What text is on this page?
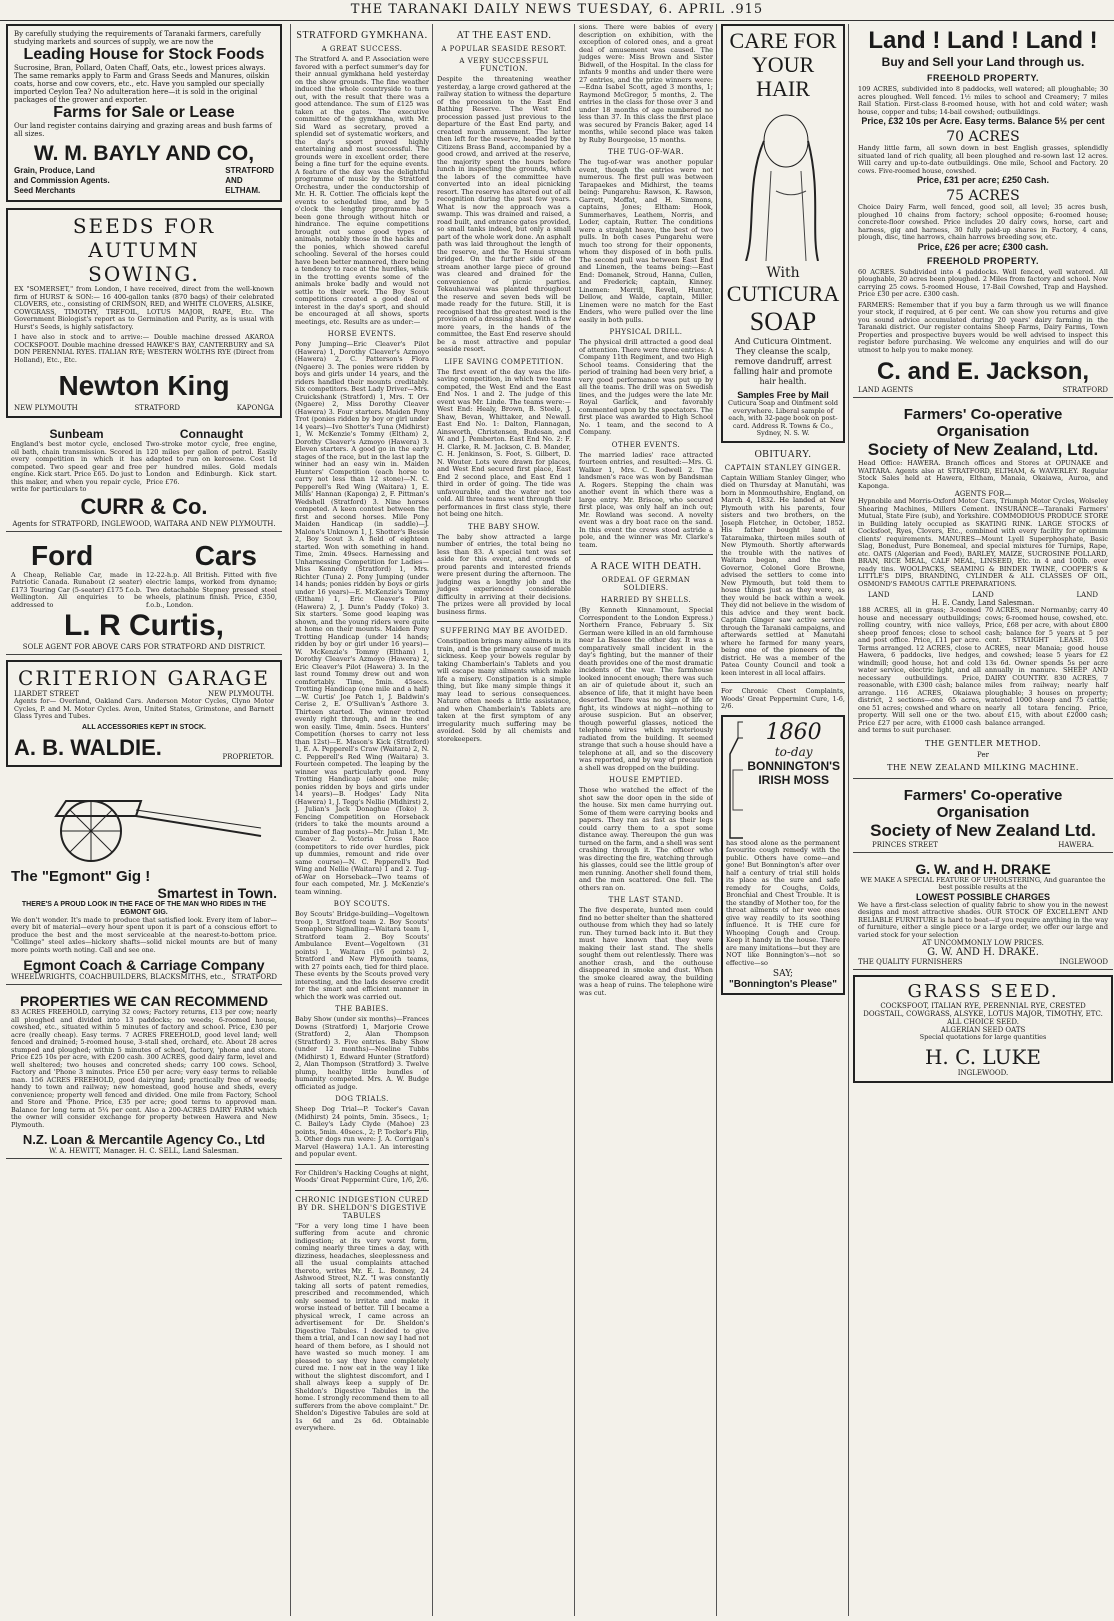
THE TARANAKI DAILY NEWS TUESDAY, 6. APRIL .915
By carefully studying the requirements of Taranaki farmers, carefully studying markets and sources of supply, we are now the
Leading House for Stock Foods
Sucrosine, Bran, Pollard, Oaten Chaff, Oats, etc., lowest prices always. The same remarks apply to Farm and Grass Seeds and Manures, oilskin coats, horse and cow covers, etc., etc. Have you sampled our specially imported Ceylon Tea? No adulteration here—it is sold in the original packages of the grower and exporter.
Farms for Sale or Lease
Our land register contains dairying and grazing areas and bush farms of all sizes.
W. M. BAYLY AND CO,
Grain, Produce, Land
and Commission Agents.
Seed Merchants
STRATFORD
AND
ELTHAM.
SEEDS FOR AUTUMN
SOWING.
EX "SOMERSET," from London, I have received, direct from the well-known firm of HURST & SON:— 16 400-gallon tanks (870 bags) of their celebrated CLOVERS, etc., consisting of CRIMSON, RED, and WHITE CLOVERS, ALSIKE, COWGRASS, TIMOTHY, TREFOIL, LOTUS MAJOR, RAPE, Etc. The Government Biologist's report as to Germination and Purity, as is usual with Hurst's Seeds, is highly satisfactory.
I have also in stock and to arrive:— Double machine dressed AKAROA COCKSFOOT. Double machine dressed HAWKE'S BAY, CANTERBURY and SA DON PERENNIAL RYES. ITALIAN RYE; WESTERN WOLTHS RYE (Direct from Holland), Etc., Etc.
Newton King
NEW PLYMOUTH	STRATFORD	KAPONGA
Sunbeam
England's best motor cycle, enclosed oil bath, chain transmission. Scored in every competition in which it has competed. Two speed gear and free engine. Kick start. Price £65. Do just to this maker, and when you repair cycle, write for particulars to
Connaught
Two-stroke motor cycle, free engine, 120 miles per gallon of petrol. Easily adapted to run on kerosene. Cost 1d per hundred miles. Gold medals London and Edinburgh. Kick start. Price £76.
CURR & Co.
Agents for STRATFORD, INGLEWOOD, WAITARA AND NEW PLYMOUTH.
Ford	Cars
A Cheap, Reliable Car, made in Patriotic Canada. Runabout (2 seater) £173 Touring Car (5-seater) £175 f.o.b. Wellington. All enquiries to be addressed to
12-22-h.p. All British. Fitted with five electric lamps, worked from dynamo; Two detachable Stepney pressed steel wheels, platinum finish. Price, £350, f.o.b., London.
L. R Curtis,
SOLE AGENT FOR ABOVE CARS FOR STRATFORD AND DISTRICT.
CRITERION GARAGE
LIARDET STREET	NEW PLYMOUTH.
Agents for— Overland, Oakland Cars. Anderson Motor Cycles, Clyno Motor Cycles, P. and M. Motor Cycles. Avon, United States, Grimstone, and Barnett Glass Tyres and Tubes.
ALL ACCESSORIES KEPT IN STOCK.
A. B. WALDIE.	PROPRIETOR.
The "Egmont" Gig !
Smartest in Town.
THERE'S A PROUD LOOK IN THE FACE OF THE MAN WHO RIDES IN THE EGMONT GIG.
We don't wonder. It's made to produce that satisfied look. Every item of labor—every bit of material—every hour spent upon it is part of a conscious effort to produce the best and the most serviceable at the nearest-to-bottom price. "Collinge" steel axles—hickory shafts—solid nickel mounts are but of many more points worth noting. Call and see one.
Egmont Coach & Carriage Company
WHEELWRIGHTS, COACHBUILDERS, BLACKSMITHS, etc., STRATFORD
PROPERTIES WE CAN RECOMMEND
83 ACRES FREEHOLD, carrying 32 cows; Factory returns, £13 per cow; nearly all ploughed and divided into 13 paddocks; no weeds; 6-roomed house, cowshed, etc., situated within 5 minutes of factory and school. Price, £30 per acre (really cheap). Easy terms. 7 ACRES FREEHOLD, good level land; well fenced and drained; 5-roomed house, 3-stall shed, orchard, etc. About 28 acres stumped and ploughed; within 5 minutes of school, factory, 'phone and store. Price £25 10s per acre, with £200 cash. 300 ACRES, good dairy farm, level and well sheltered; two houses and concreted sheds; carry 100 cows. School, Factory and 'Phone 3 minutes. Price £50 per acre; very easy terms to reliable man. 156 ACRES FREEHOLD, good dairying land; practically free of weeds; handy to town and railway; new homestead, good house and sheds, every convenience; property well fenced and divided. One mile from Factory, School and Store and 'Phone. Price, £35 per acre; good terms to approved man. Balance for long term at 5¼ per cent. Also a 200-ACRES DAIRY FARM which the owner will consider exchange for property between Hawera and New Plymouth.
N.Z. Loan & Mercantile Agency Co., Ltd
W. A. HEWITT, Manager. H. C. SELL, Land Salesman.
STRATFORD GYMKHANA.
A GREAT SUCCESS.
The Stratford A. and P. Association were favored with a perfect summer's day for their annual gymkhana held yesterday on the show grounds. The fine weather induced the whole countryside to turn out, with the result that there was a good attendance. The sum of £125 was taken at the gates. The executive committee of the gymkhana, with Mr. Sid Ward as secretary, proved a splendid set of systematic workers, and the day's sport proved highly entertaining and most successful. The grounds were in excellent order, there being a fine turf for the equine events. A feature of the day was the delightful programme of music by the Stratford Orchestra, under the conductorship of Mr. H. R. Cottier. The officials kept the events to scheduled time, and by 5 o'clock the lengthy programme had been gone through without hitch or hindrance. The equine competitions brought out some good types of animals, notably those in the hacks and the ponies, which showed careful schooling. Several of the horses could have been better mannered, there being a tendency to race at the hurdles, while in the trotting events some of the animals broke badly and would not settle to their work. The Boy Scout competitions created a good deal of interest in the day's sport, and should be encouraged at all shows, sports meetings, etc. Results are as under:—
HORSE EVENTS.
Pony Jumping—Eric Cleaver's Pilot (Hawera) 1, Dorothy Cleaver's Azmoyo (Hawera) 2, C. Patterson's Flora (Ngaere) 3. The ponies were ridden by boys and girls under 14 years, and the riders handled their mounts creditably. Six competitors. Best Lady Driver—Mrs. Cruickshank (Stratford) 1, Mrs. T. Orr (Ngaere) 2, Miss Dorothy Cleaver (Hawera) 3. Four starters. Maiden Pony Trot (ponies ridden by boy or girl under 14 years)—Ivo Shotter's Tuna (Midhirst) 1, W. McKenzie's Tommy (Eltham) 2, Dorothy Cleaver's Azmoyo (Hawera) 3. Eleven starters. A good go in the early stages of the race, but in the last lap the winner had an easy win in. Maiden Hunters' Competition (each horse to carry not less than 12 stone)—N. C. Pepperell's Red Wing (Waitara) 1, E. Mills' Hannan (Kaponga) 2, F. Pittman's Wedshell (Stratford) 3. Nine horses competed. A keen contest between the first and second horses. Mile Pony Maiden Handicap (in saddle)—J. Malone's Unknown 1, J. Shotter's Bessie 2, Boy Scout 3. A field of eighteen started. Won with something in hand. Time, 2min. 49secs. Harnessing and Unharnessing Competition for Ladies—Miss Kennedy (Stratford) 1, Mrs. Richter (Tuna) 2. Pony Jumping (under 14 hands; ponies ridden by boys or girls under 16 years)—E. McKenzie's Tommy (Eltham) 1, Eric Cleaver's Pilot (Hawera) 2, J. Dunn's Paddy (Toko) 3. Six starters. Some good leaping was shown, and the young riders were quite at home on their mounts. Maiden Pony Trotting Handicap (under 14 hands; ridden by boy or girl under 16 years)—W. McKenzie's Tommy (Eltham) 1, Dorothy Cleaver's Azmoyo (Hawera) 2, Eric Cleaver's Pilot (Hawera) 3. In the last round Tommy drew out and won comfortably. Time, 5min. 45secs. Trotting Handicap (one mile and a half)—W. Curtis' Joe Patch 1, J. Baldwin's Cerise 2, E. O'Sullivan's Asthore 3. Thirteen started. The winner trotted evenly right through, and in the end won easily. Time, 4min. 5secs. Hunters' Competition (horses to carry not less than 12st)—E. Mason's Kick (Stratford) 1, E. A. Pepperell's Craw (Waitara) 2, N. C. Pepperell's Red Wing (Waitara) 3. Fourteen competed. The leaping by the winner was particularly good. Pony Trotting Handicap (about one mile; ponies ridden by boys and girls under 14 years)—B. Hodges' Lady Nita (Hawera) 1, J. Tegg's Nellie (Midhirst) 2, J. Julian's Jack Donaghue (Toko) 3. Fencing Competition on Horseback (riders to take the mounts around a number of flag posts)—Mr. Julian 1, Mr. Cleaver 2. Victoria Cross Race (competitors to ride over hurdles, pick up dummies, remount and ride over same course)—N. C. Pepperell's Red Wing and Nellie (Waitara) 1 and 2. Tug-of-War on Horseback—Two teams of four each competed, Mr. J. McKenzie's team winning.
BOY SCOUTS.
Boy Scouts' Bridge-building—Vogeltown troop 1, Stratford team 2. Boy Scouts' Semaphore Signalling—Waitara team 1, Stratford team 2. Boy Scouts' Ambulance Event—Vogeltown (31 points) 1, Waitara (16 points) 2, Stratford and New Plymouth teams, with 27 points each, tied for third place. These events by the Scouts proved very interesting, and the lads deserve credit for the smart and efficient manner in which the work was carried out.
THE BABIES.
Baby Show (under six months)—Frances Downs (Stratford) 1, Marjorie Crowe (Stratford) 2, Alan Thompson (Stratford) 3. Five entries. Baby Show (under 12 months)—Noeline Tubbs (Midhirst) 1, Edward Hunter (Stratford) 2, Alan Thompson (Stratford) 3. Twelve plump, healthy little bundles of humanity competed. Mrs. A. W. Budge officiated as judge.
DOG TRIALS.
Sheep Dog Trial—P. Tocker's Cavan (Midhirst) 24 points, 5min. 35secs., 1; C. Bailey's Lady Clyde (Mahoe) 23 points, 5min. 40secs., 2; P. Tocker's Flip, 3. Other dogs run were: J. A. Corrigan's Marvel (Hawera) 1.A.1. An interesting and popular event.
For Children's Hacking Coughs at night, Woods' Great Peppermint Cure, 1/6, 2/6.
CHRONIC INDIGESTION CURED BY DR. SHELDON'S DIGESTIVE TABULES
"For a very long time I have been suffering from acute and chronic indigestion; at its very worst form, coming nearly three times a day, with dizziness, headaches, sleeplessness and all the usual complaints attached thereto, writes Mr. E. L. Bonney, 24 Ashwood Street, N.Z. "I was constantly taking all sorts of patent remedies, prescribed and recommended, which only seemed to irritate and make it worse instead of better. Till I became a physical wreck, I came across an advertisement for Dr. Sheldon's Digestive Tabules. I decided to give them a trial, and I can now say I had not heard of them before, as I should not have wasted so much money. I am pleased to say they have completely cured me. I now eat in the way I like without the slightest discomfort, and I shall always keep a supply of Dr. Sheldon's Digestive Tabules in the home. I strongly recommend them to all sufferers from the above complaint." Dr. Sheldon's Digestive Tabules are sold at 1s 6d and 2s 6d. Obtainable everywhere.
AT THE EAST END.
A POPULAR SEASIDE RESORT.
A VERY SUCCESSFUL FUNCTION.
Despite the threatening weather yesterday, a large crowd gathered at the railway station to witness the departure of the procession to the East End Bathing Reserve. The West End procession passed just previous to the departure of the East End party, and created much amusement. The latter then left for the reserve, headed by the Citizens Brass Band, accompanied by a good crowd, and arrived at the reserve, the majority spent the hours before lunch in inspecting the grounds, which the labors of the committee have converted into an ideal picnicking resort. The reserve has altered out of all recognition during the past few years. What is now the approach was a swamp. This was drained and raised, a road built, and entrance gates provided, so small tanks indeed, but only a small part of the whole work done. An asphalt path was laid throughout the length of the reserve, and the Te Henui stream bridged. On the further side of the stream another large piece of ground was cleared and drained for the convenience of picnic parties. Tekauhauwai was planted throughout the reserve and seven beds will be made ready for the future. Still, it is recognised that the greatest need is the provision of a dressing shed. With a few more years, in the hands of the committee, the East End reserve should be a most attractive and popular seaside resort.
LIFE SAVING COMPETITION.
The first event of the day was the life-saving competition, in which two teams competed, the West End and the East End Nos. 1 and 2. The judge of this event was Mr. Linde. The teams were:—West End: Healy, Brown, B. Steele, J. Shaw, Bevan, Whittaker, and Newall. East End No. 1: Dalton, Flannagan, Ainsworth, Christensen, Budesan, and W. and J. Pemberton. East End No. 2: F. H. Clarke, R. M. Jackson, C. B. Mander, C. H. Jenkinson, S. Foot, S. Gilbert, D. N. Wouter. Lots were drawn for places, and West End secured first place, East End 2 second place, and East End 1 third in order of going. The tide was unfavourable, and the water not too cold. All three teams went through their performances in first class style, there not being one hitch.
THE BABY SHOW.
The baby show attracted a large number of entries, the total being no less than 83. A special tent was set aside for this event, and crowds of proud parents and interested friends were present during the afternoon. The judging was a lengthy job and the judges experienced considerable difficulty in arriving at their decisions. The prizes were all provided by local business firms.
SUFFERING MAY BE AVOIDED.
Constipation brings many ailments in its train, and is the primary cause of much sickness. Keep your bowels regular by taking Chamberlain's Tablets and you will escape many ailments which make life a misery. Constipation is a simple thing, but like many simple things it may lead to serious consequences. Nature often needs a little assistance, and when Chamberlain's Tablets are taken at the first symptom of any irregularity much suffering may be avoided. Sold by all chemists and storekeepers.
sions. There were babies of every description on exhibition, with the exception of colored ones, and a great deal of amusement was caused. The judges were: Miss Brown and Sister Bidwell, of the Hospital. In the class for infants 9 months and under there were 27 entries, and the prize winners were:—Edna Isabel Scott, aged 3 months, 1; Raymond McGregor, 5 months, 2. The entries in the class for those over 3 and under 18 months of age numbered no less than 37. In this class the first place was secured by Francis Baker, aged 14 months, while second place was taken by Ruby Bourgeoise, 15 months.
THE TUG-OF-WAR.
The tug-of-war was another popular event, though the entries were not numerous. The first pull was between Tarapaekes and Midhirst, the teams being: Pungarehu: Rawson, K. Rawson, Garrett, Moffat, and H. Simmons, captains, Jones; Eltham: Hook, Summerhaves, Leathem, Norris, and Loder, captain, Rutter. The conditions were a straight heave, the best of two pulls. In both cases Pungarehu were much too strong for their opponents, whom they disposed of in both pulls. The second pull was between East End and Linemen, the teams being:—East End: Domanek, Stroud, Hanna, Cullen, and Frederick; captain, Kinney. Linemen: Merrill, Revell, Hunter, Dellow, and Walde, captain, Miller. Linemen were no match for the East Enders, who were pulled over the line easily in both pulls.
PHYSICAL DRILL.
The physical drill attracted a good deal of attention. There were three entries: A Company 11th Regiment, and two High School teams. Considering that the period of training had been very brief, a very good performance was put up by all the teams. The drill was on Swedish lines, and the judges were the late Mr. Royal Garlick, and favorably commented upon by the spectators. The first place was awarded to High School No. 1 team, and the second to A Company.
OTHER EVENTS.
The married ladies' race attracted fourteen entries, and resulted:—Mrs. G. Walker 1, Mrs. C. Rodwell 2. The landsmen's race was won by Bandsman A. Rogers. Stepping the chain was another event in which there was a large entry. Mr. Briscoe, who secured first place, was only half an inch out; Mr. Rowland was second. A novelty event was a dry boat race on the sand. In this event the crews stood astride a pole, and the winner was Mr. Clarke's team.
A RACE WITH DEATH.
ORDEAL OF GERMAN SOLDIERS.
HARRIED BY SHELLS.
(By Kenneth Kinnamount, Special Correspondent to the London Express.) Northern France, February 5. Six German were killed in an old farmhouse near La Bassee the other day. It was a comparatively small incident in the day's fighting, but the manner of their death provides one of the most dramatic incidents of the war. The farmhouse looked innocent enough; there was such an air of quietude about it, such an absence of life, that it might have been deserted. There was no sign of life or fight, its windows at night—nothing to arouse suspicion. But an observer, though powerful glasses, noticed the telephone wires which mysteriously radiated from the building. It seemed strange that such a house should have a telephone at all, and so the discovery was reported, and by way of precaution a shell was dropped on the building.
HOUSE EMPTIED.
Those who watched the effect of the shot saw the door open in the side of the house. Six men came hurrying out. Some of them were carrying books and papers. They ran as fast as their legs could carry them to a spot some distance away. Thereupon the gun was turned on the farm, and a shell was sent crashing through it. The officer who was directing the fire, watching through his glasses, could see the little group of men running. Another shell found them, and the men scattered. One fell. The others ran on.
THE LAST STAND.
The five desperate, hunted men could find no better shelter than the shattered outhouse from which they had so lately run. They turned back into it. But they must have known that they were making their last stand. The shells sought them out relentlessly. There was another crash, and the outhouse disappeared in smoke and dust. When the smoke cleared away, the building was a heap of ruins. The telephone wire was cut.
CARE FOR
YOUR HAIR
With
CUTICURA
SOAP
And Cuticura Ointment. They cleanse the scalp, remove dandruff, arrest falling hair and promote hair health.
Samples Free by Mail
Cuticura Soap and Ointment sold everywhere. Liberal sample of each, with 32-page book on post-card. Address R. Towns & Co., Sydney, N. S. W.
OBITUARY.
CAPTAIN STANLEY GINGER.
Captain William Stanley Ginger, who died on Thursday at Manutahi, was born in Monmouthshire, England, on March 4, 1832. He landed at New Plymouth with his parents, four sisters and two brothers, on the Joseph Fletcher, in October, 1852. His father bought land at Tataraimaka, thirteen miles south of New Plymouth. Shortly afterwards the trouble with the natives of Waitara began, and the then Governor, Colonel Gore Browne, advised the settlers to come into New Plymouth, but told them to house things just as they were, as they would be back within a week. They did not believe in the wisdom of this advice and they went back. Captain Ginger saw active service through the Taranaki campaigns, and afterwards settled at Manutahi where he farmed for many years, being one of the pioneers of the district. He was a member of the Patea County Council and took a keen interest in all local affairs.
For Chronic Chest Complaints, Woods' Great Peppermint Cure, 1-6, 2/6.
1860
to-day
BONNINGTON'S
IRISH MOSS
has stood alone as the permanent favourite cough remedy with the public. Others have come—and gone! But Bonnington's after over half a century of trial still holds its place as the sure and safe remedy for Coughs, Colds, Bronchial and Chest Trouble. It is the standby of Mother too, for the throat ailments of her wee ones give way readily to its soothing influence. It is THE cure for Whooping Cough and Croup. Keep it handy in the house. There are many imitations—but they are NOT like Bonnington's—not so effective—so
SAY;
"Bonnington's Please"
Land ! Land ! Land !
Buy and Sell your Land through us.
FREEHOLD PROPERTY.
109 ACRES, subdivided into 8 paddocks, well watered; all ploughable; 30 acres ploughed. Well fenced. 1½ miles to school and Creamery; 7 miles Rail Station. First-class 8-roomed house, with hot and cold water; wash house, copper and tubs; 14-bail cowshed; outbuildings.
Price, £32 10s per Acre. Easy terms. Balance 5½ per cent
70 ACRES
Handy little farm, all sown down in best English grasses, splendidly situated land of rich quality, all been ploughed and re-sown last 12 acres. Will carry and up-to-date outbuildings. One mile, School and Factory. 20 cows. Five-roomed house, cowshed.
Price, £31 per acre; £250 Cash.
75 ACRES
Choice Dairy Farm, well fenced, good soil, all level; 35 acres bush, ploughed 10 chains from factory; school opposite; 6-roomed house; concrete-floor cowshed. Price includes 20 dairy cows, horse, cart and harness, gig and harness, 30 fully paid-up shares in Factory, 4 cans, plough, disc, tine harrows, chain harrows breeding sow, etc.
Price, £26 per acre; £300 cash.
FREEHOLD PROPERTY.
60 ACRES. Subdivided into 4 paddocks. Well fenced, well watered. All ploughable, 20 acres been ploughed. 2 Miles from factory and school. Now carrying 25 cows. 5-roomed House, 17-Bail Cowshed, Trap and Hayshed. Price £30 per acre. £300 cash.
FARMERS: Remember that if you buy a farm through us we will finance your stock, if required, at 6 per cent. We can show you returns and give you sound advice accumulated during 20 years' dairy farming in the Taranaki district. Our register contains Sheep Farms, Dairy Farms, Town Properties and prospective buyers would be well advised to inspect this register before purchasing. We welcome any enquiries and will do our utmost to help you to make money.
C. and E. Jackson,
LAND AGENTS	STRATFORD
Farmers' Co-operative Organisation
Society of New Zealand, Ltd.
Head Office: HAWERA. Branch offices and Stores at OPUNAKE and WAITARA. Agents also at STRATFORD, ELTHAM, & WAVERLEY. Regular Stock Sales held at Hawera, Eltham, Manaia, Okaiawa, Auroa, and Kaponga.
AGENTS FOR—
Hypnobile and Morris-Oxford Motor Cars, Triumph Motor Cycles, Wolseley Shearing Machines, Millers Cement. INSURANCE—Taranaki Farmers' Mutual, State Fire (sub), and Yorkshire. COMMODIOUS PRODUCE STORE in Building lately occupied as SKATING RINK. LARGE STOCKS of Cocksfoot, Ryes, Clovers, Etc., combined with every facility for optimum clients' requirements. MANURES—Mount Lyell Superphosphate, Basic Slag, Bonedust, Pure Bonemeal, and special mixtures for Turnips, Rape, etc. OATS (Algerian and Feed), BARLEY, MAIZE, SUCROSINE POLLARD, BRAN, RICE MEAL, CALF MEAL, LINSEED, Etc. in 4 and 100lb. ever ready tins. WOOLPACKS, SEAMING & BINDER TWINE, COOPER'S & LITTLE'S DIPS, BRANDING, CYLINDER & ALL CLASSES OF OIL, OSMOND'S FAMOUS CATTLE PREPARATIONS.
LAND	LAND	LAND
H. E. Candy, Land Salesman.
188 ACRES, all in grass; 3-roomed house and necessary outbuildings; rolling country, with nice valleys, sheep proof fences; close to school and post office. Price, £11 per acre. Terms arranged. 12 ACRES, close to Hawera, 6 paddocks, live hedges, windmill; good house, hot and cold water service, electric light, and all necessary outbuildings. Price, reasonable, with £300 cash; balance arrange. 116 ACRES, Okaiawa district, 2 sections—one 65 acres, one 51 acres; cowshed and whare on property. Will sell one or the two. Price £27 per acre, with £1000 cash and terms to suit purchaser.
70 ACRES, near Normanby; carry 40 cows; 6-roomed house, cowshed, etc. Price, £68 per acre, with about £800 cash; balance for 5 years at 5 per cent. STRAIGHT LEASE. 103 ACRES, near Manaia; good house and cowshed; lease 5 years for £2 13s 6d. Owner spends 5s per acre annually in manure. SHEEP AND DAIRY COUNTRY. 830 ACRES, 7 miles from railway; nearly half ploughable; 3 houses on property; watered 1000 sheep and 75 cattle; nearly all totara fencing. Price, about £15, with about £2000 cash; balance arranged.
THE GENTLER METHOD.
Per
THE NEW ZEALAND MILKING MACHINE.
Farmers' Co-operative Organisation
Society of New Zealand Ltd.
PRINCES STREET	HAWERA.
G. W. and H. DRAKE
WE MAKE A SPECIAL FEATURE OF UPHOLSTERING, And guarantee the best possible results at the
LOWEST POSSIBLE CHARGES
We have a first-class selection of quality fabric to show you in the newest designs and most attractive shades. OUR STOCK OF EXCELLENT AND RELIABLE FURNITURE is hard to beat—if you require anything in the way of furniture, either a single piece or a large order, we offer our large and varied stock for your selection
AT UNCOMMONLY LOW PRICES.
G. W. AND H. DRAKE.
THE QUALITY FURNISHERS	INGLEWOOD
GRASS SEED.
COCKSFOOT, ITALIAN RYE, PERENNIAL RYE, CRESTED DOGSTAIL, COWGRASS, ALSYKE, LOTUS MAJOR, TIMOTHY, ETC.
ALL CHOICE SEED.
ALGERIAN SEED OATS
Special quotations for large quantities
H. C. LUKE
INGLEWOOD.
